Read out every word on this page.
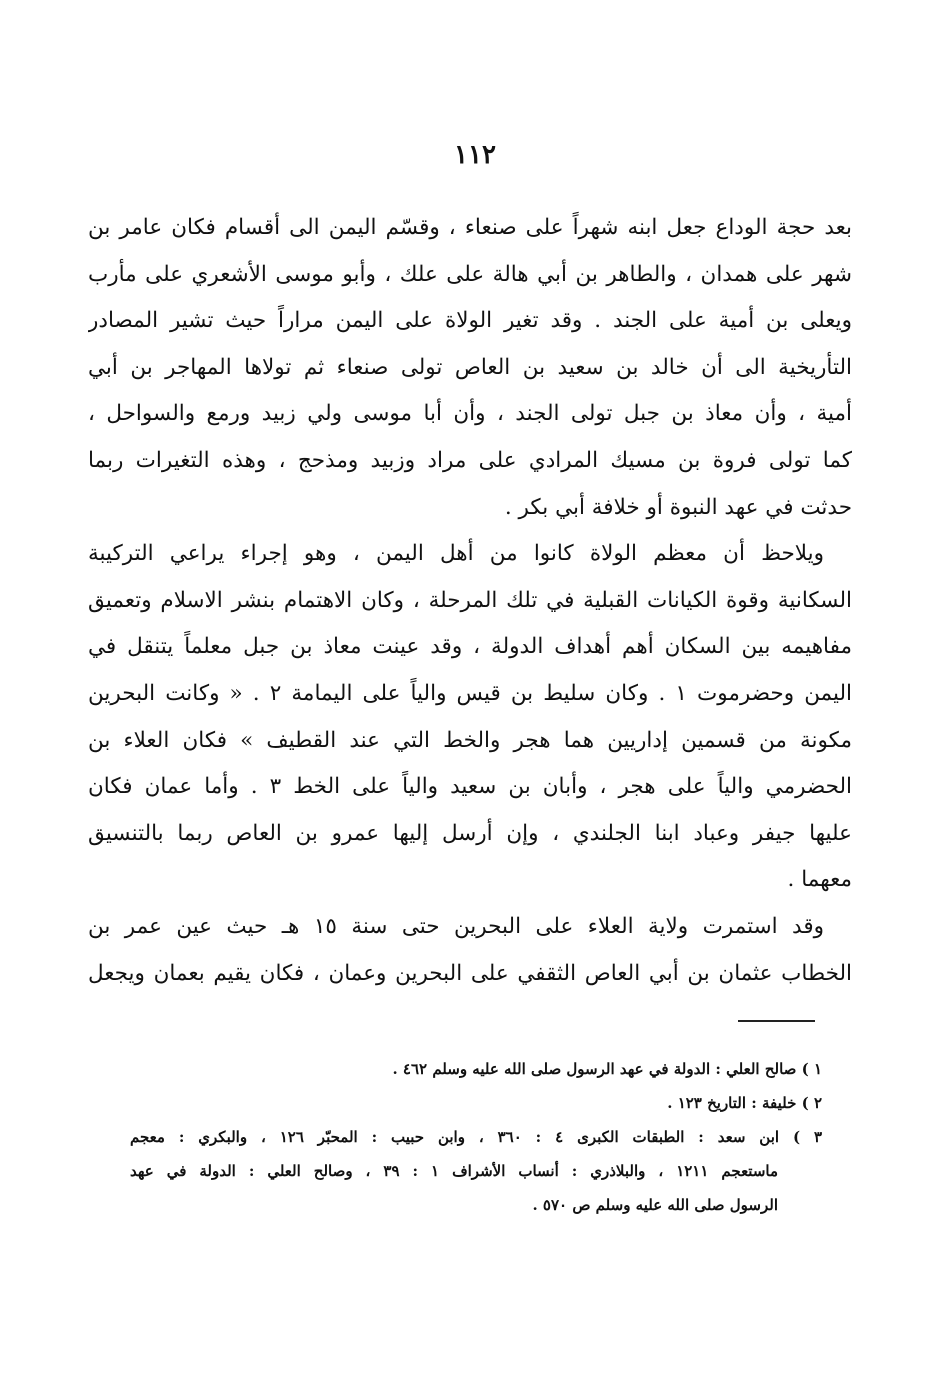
١١٢
بعد حجة الوداع جعل ابنه شهراً على صنعاء ، وقسّم اليمن الى أقسام فكان عامر بن
شهر على همدان ، والطاهر بن أبي هالة على علك ، وأبو موسى الأشعري على مأرب
ويعلى بن أمية على الجند . وقد تغير الولاة على اليمن مراراً حيث تشير المصادر
التأريخية الى أن خالد بن سعيد بن العاص تولى صنعاء ثم تولاها المهاجر بن أبي
أمية ، وأن معاذ بن جبل تولى الجند ، وأن أبا موسى ولي زبيد ورمع والسواحل ،
كما تولى فروة بن مسيك المرادي على مراد وزبيد ومذحج ، وهذه التغيرات ربما
حدثت في عهد النبوة أو خلافة أبي بكر .
ويلاحظ أن معظم الولاة كانوا من أهل اليمن ، وهو إجراء يراعي التركيبة
السكانية وقوة الكيانات القبلية في تلك المرحلة ، وكان الاهتمام بنشر الاسلام وتعميق
مفاهيمه بين السكان أهم أهداف الدولة ، وقد عينت معاذ بن جبل معلماً يتنقل في
اليمن وحضرموت ١ . وكان سليط بن قيس والياً على اليمامة ٢ . « وكانت البحرين
مكونة من قسمين إداريين هما هجر والخط التي عند القطيف » فكان العلاء بن
الحضرمي والياً على هجر ، وأبان بن سعيد والياً على الخط ٣ . وأما عمان فكان
عليها جيفر وعباد ابنا الجلندي ، وإن أرسل إليها عمرو بن العاص ربما بالتنسيق
معهما .
وقد استمرت ولاية العلاء على البحرين حتى سنة ١٥ هـ حيث عين عمر بن
الخطاب عثمان بن أبي العاص الثقفي على البحرين وعمان ، فكان يقيم بعمان ويجعل
١ ) صالح العلي : الدولة في عهد الرسول صلى الله عليه وسلم ٤٦٢ .
٢ ) خليفة : التاريخ ١٢٣ .
٣ ) ابن سعد : الطبقات الكبرى ٤ : ٣٦٠ ، وابن حبيب : المحبّر ١٢٦ ، والبكري : معجم
ماستعجم ١٢١١ ، والبلاذري : أنساب الأشراف ١ : ٣٩ ، وصالح العلي : الدولة في عهد
الرسول صلى الله عليه وسلم ص ٥٧٠ .
